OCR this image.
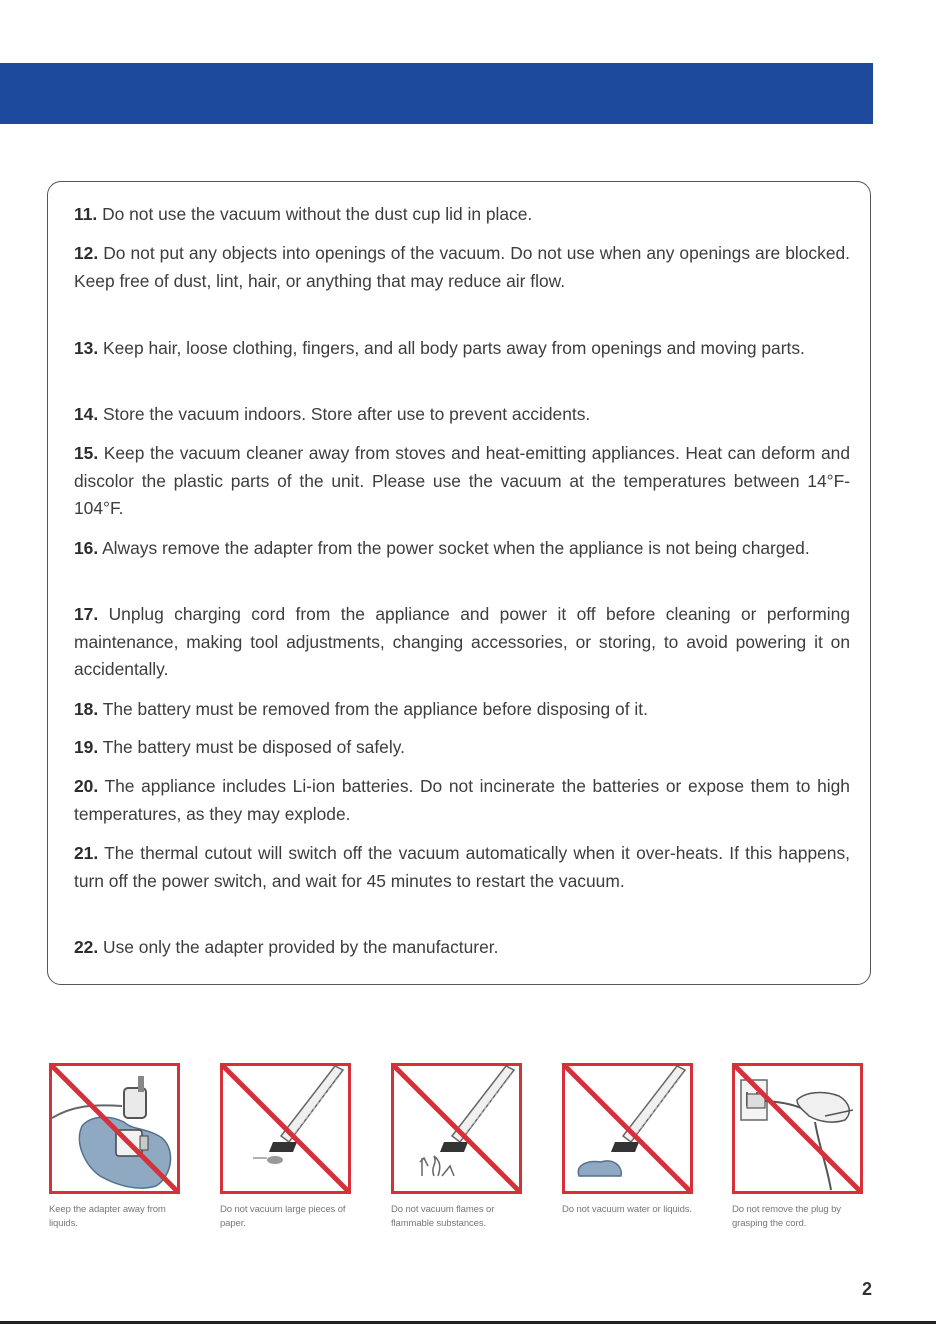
11. Do not use the vacuum without the dust cup lid in place.
12. Do not put any objects into openings of the vacuum. Do not use when any openings are blocked. Keep free of dust, lint, hair, or anything that may reduce air flow.
13. Keep hair, loose clothing, fingers, and all body parts away from openings and moving parts.
14. Store the vacuum indoors. Store after use to prevent accidents.
15. Keep the vacuum cleaner away from stoves and heat-emitting appliances. Heat can deform and discolor the plastic parts of the unit. Please use the vacuum at the temperatures between 14°F-104°F.
16. Always remove the adapter from the power socket when the appliance is not being charged.
17. Unplug charging cord from the appliance and power it off before cleaning or performing maintenance, making tool adjustments, changing accessories, or storing, to avoid powering it on accidentally.
18. The battery must be removed from the appliance before disposing of it.
19. The battery must be disposed of safely.
20. The appliance includes Li-ion batteries. Do not incinerate the batteries or expose them to high temperatures, as they may explode.
21. The thermal cutout will switch off the vacuum automatically when it over-heats. If this happens, turn off the power switch, and wait for 45 minutes to restart the vacuum.
22. Use only the adapter provided by the manufacturer.
Keep the adapter away from liquids.
Do not vacuum large pieces of paper.
Do not vacuum flames or flammable substances.
Do not vacuum water or liquids.	Do not remove the plug by grasping the cord.
2
